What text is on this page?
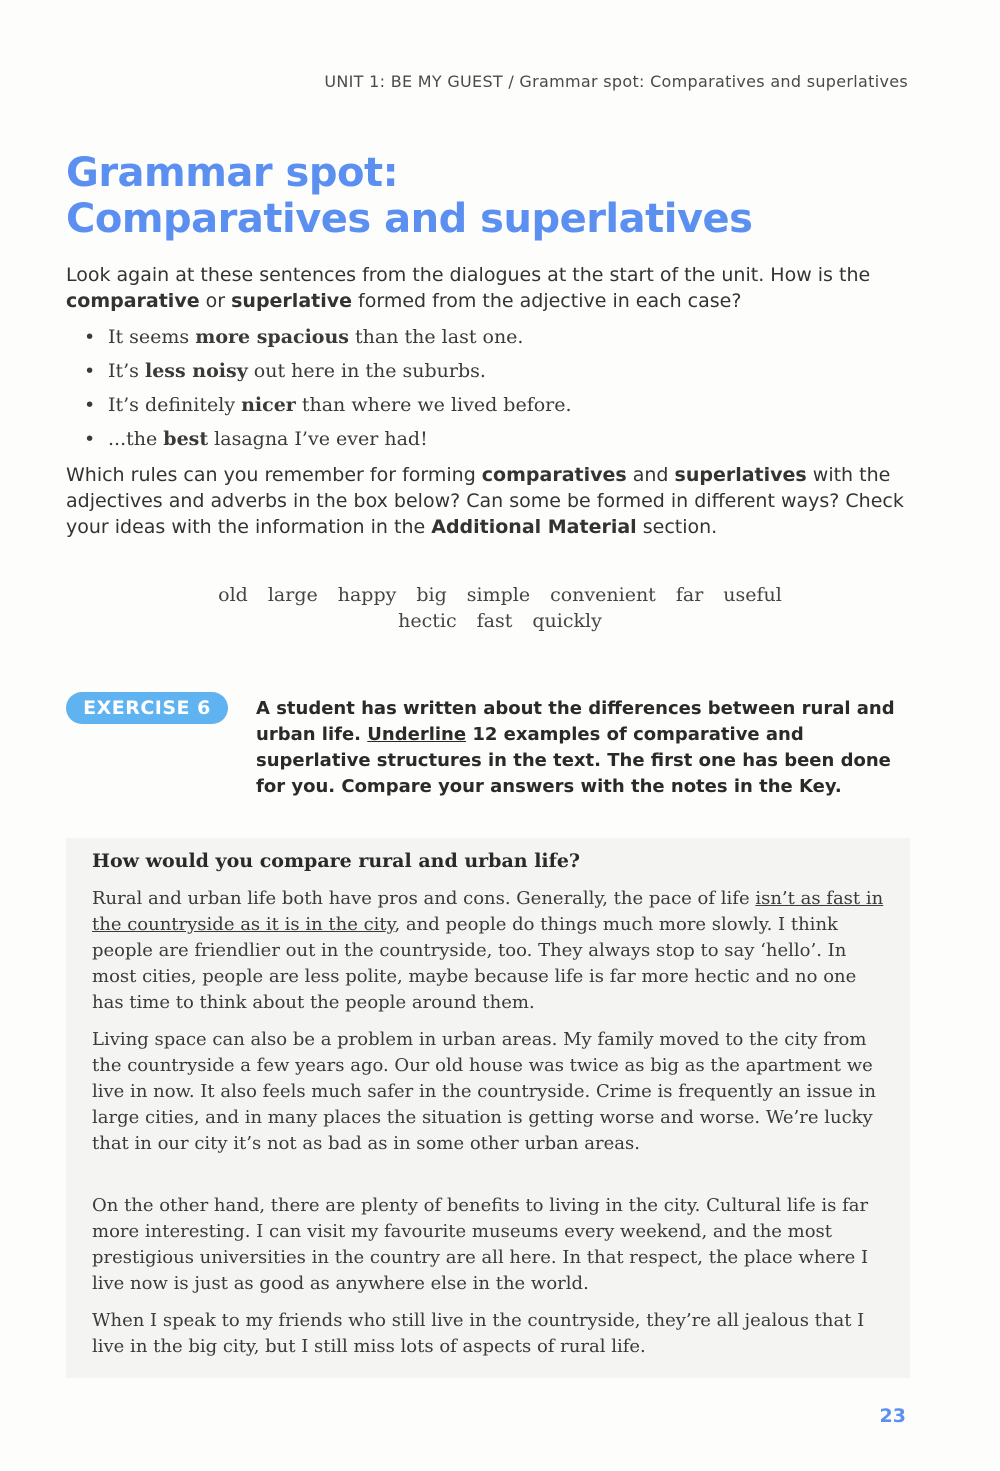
UNIT 1: BE MY GUEST / Grammar spot: Comparatives and superlatives
Grammar spot:
Comparatives and superlatives

Look again at these sentences from the dialogues at the start of the unit. How is the comparative or superlative formed from the adjective in each case?

• It seems more spacious than the last one.
• It’s less noisy out here in the suburbs.
• It’s definitely nicer than where we lived before.
• ...the best lasagna I’ve ever had!

Which rules can you remember for forming comparatives and superlatives with the adjectives and adverbs in the box below? Can some be formed in different ways? Check your ideas with the information in the Additional Material section.

old large happy big simple convenient far useful
hectic fast quickly
EXERCISE 6	A student has written about the differences between rural and urban life. Underline 12 examples of comparative and superlative structures in the text. The first one has been done for you. Compare your answers with the notes in the Key.

How would you compare rural and urban life?

Rural and urban life both have pros and cons. Generally, the pace of life isn’t as fast in the countryside as it is in the city, and people do things much more slowly. I think people are friendlier out in the countryside, too. They always stop to say ‘hello’. In most cities, people are less polite, maybe because life is far more hectic and no one has time to think about the people around them.

Living space can also be a problem in urban areas. My family moved to the city from the countryside a few years ago. Our old house was twice as big as the apartment we live in now. It also feels much safer in the countryside. Crime is frequently an issue in large cities, and in many places the situation is getting worse and worse. We’re lucky that in our city it’s not as bad as in some other urban areas.

On the other hand, there are plenty of benefits to living in the city. Cultural life is far more interesting. I can visit my favourite museums every weekend, and the most prestigious universities in the country are all here. In that respect, the place where I live now is just as good as anywhere else in the world.

When I speak to my friends who still live in the countryside, they’re all jealous that I live in the big city, but I still miss lots of aspects of rural life.

23
